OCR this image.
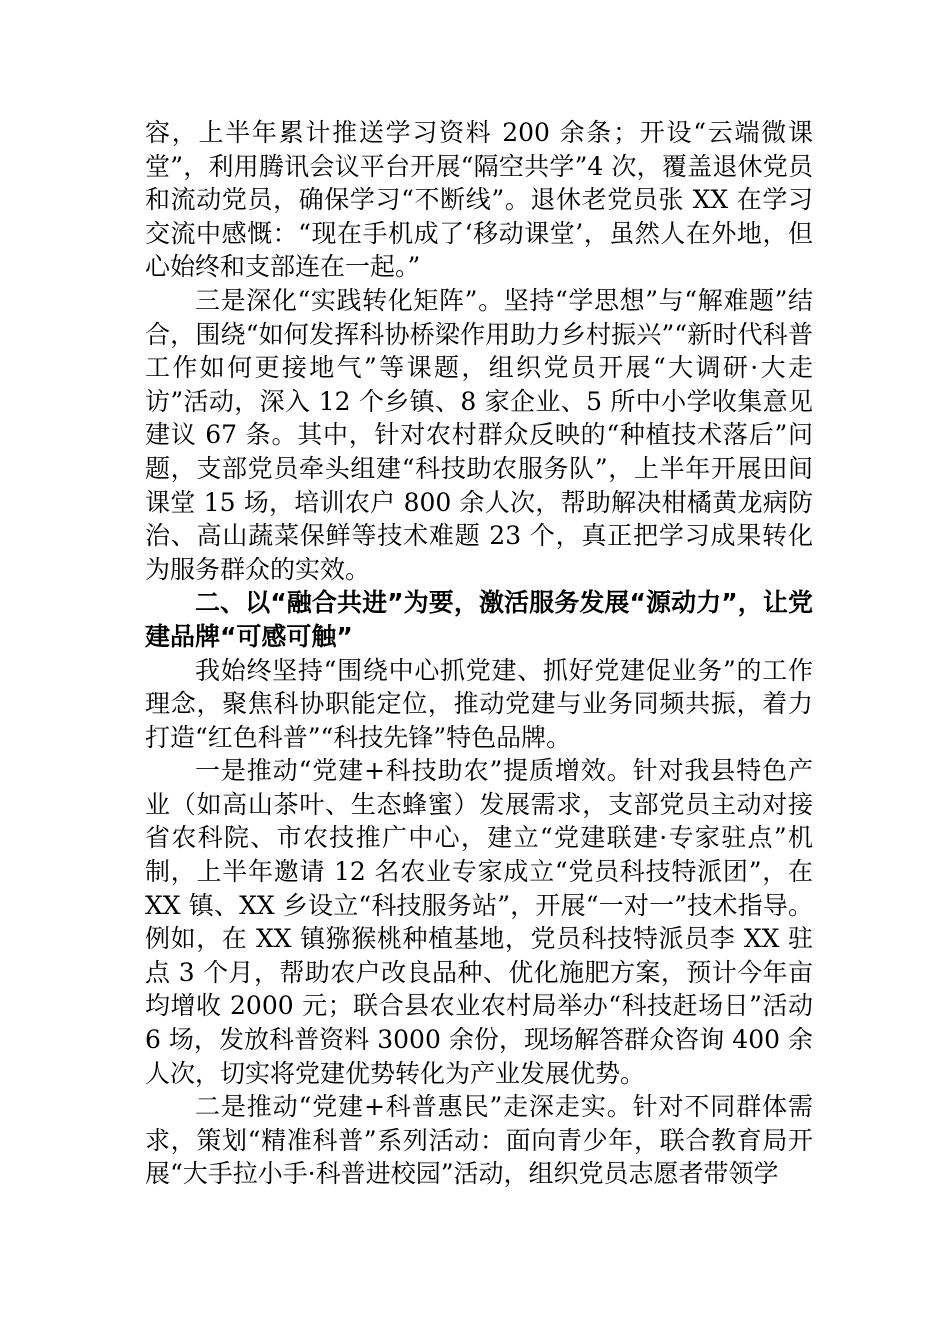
容，上半年累计推送学习资料 200 余条；开设“云端微课堂”，利用腾讯会议平台开展“隔空共学”4 次，覆盖退休党员和流动党员，确保学习“不断线”。退休老党员张 XX 在学习交流中感慨：“现在手机成了‘移动课堂’，虽然人在外地，但心始终和支部连在一起。”

三是深化“实践转化矩阵”。坚持“学思想”与“解难题”结合，围绕“如何发挥科协桥梁作用助力乡村振兴”“新时代科普工作如何更接地气”等课题，组织党员开展“大调研·大走访”活动，深入 12 个乡镇、8 家企业、5 所中小学收集意见建议 67 条。其中，针对农村群众反映的“种植技术落后”问题，支部党员牵头组建“科技助农服务队”，上半年开展田间课堂 15 场，培训农户 800 余人次，帮助解决柑橘黄龙病防治、高山蔬菜保鲜等技术难题 23 个，真正把学习成果转化为服务群众的实效。

二、以“融合共进”为要，激活服务发展“源动力”，让党建品牌“可感可触”

我始终坚持“围绕中心抓党建、抓好党建促业务”的工作理念，聚焦科协职能定位，推动党建与业务同频共振，着力打造“红色科普”“科技先锋”特色品牌。

一是推动“党建+科技助农”提质增效。针对我县特色产业（如高山茶叶、生态蜂蜜）发展需求，支部党员主动对接省农科院、市农技推广中心，建立“党建联建·专家驻点”机制，上半年邀请 12 名农业专家成立“党员科技特派团”，在 XX 镇、XX 乡设立“科技服务站”，开展“一对一”技术指导。例如，在 XX 镇猕猴桃种植基地，党员科技特派员李 XX 驻点 3 个月，帮助农户改良品种、优化施肥方案，预计今年亩均增收 2000 元；联合县农业农村局举办“科技赶场日”活动 6 场，发放科普资料 3000 余份，现场解答群众咨询 400 余人次，切实将党建优势转化为产业发展优势。

二是推动“党建+科普惠民”走深走实。针对不同群体需求，策划“精准科普”系列活动：面向青少年，联合教育局开展“大手拉小手·科普进校园”活动，组织党员志愿者带领学
